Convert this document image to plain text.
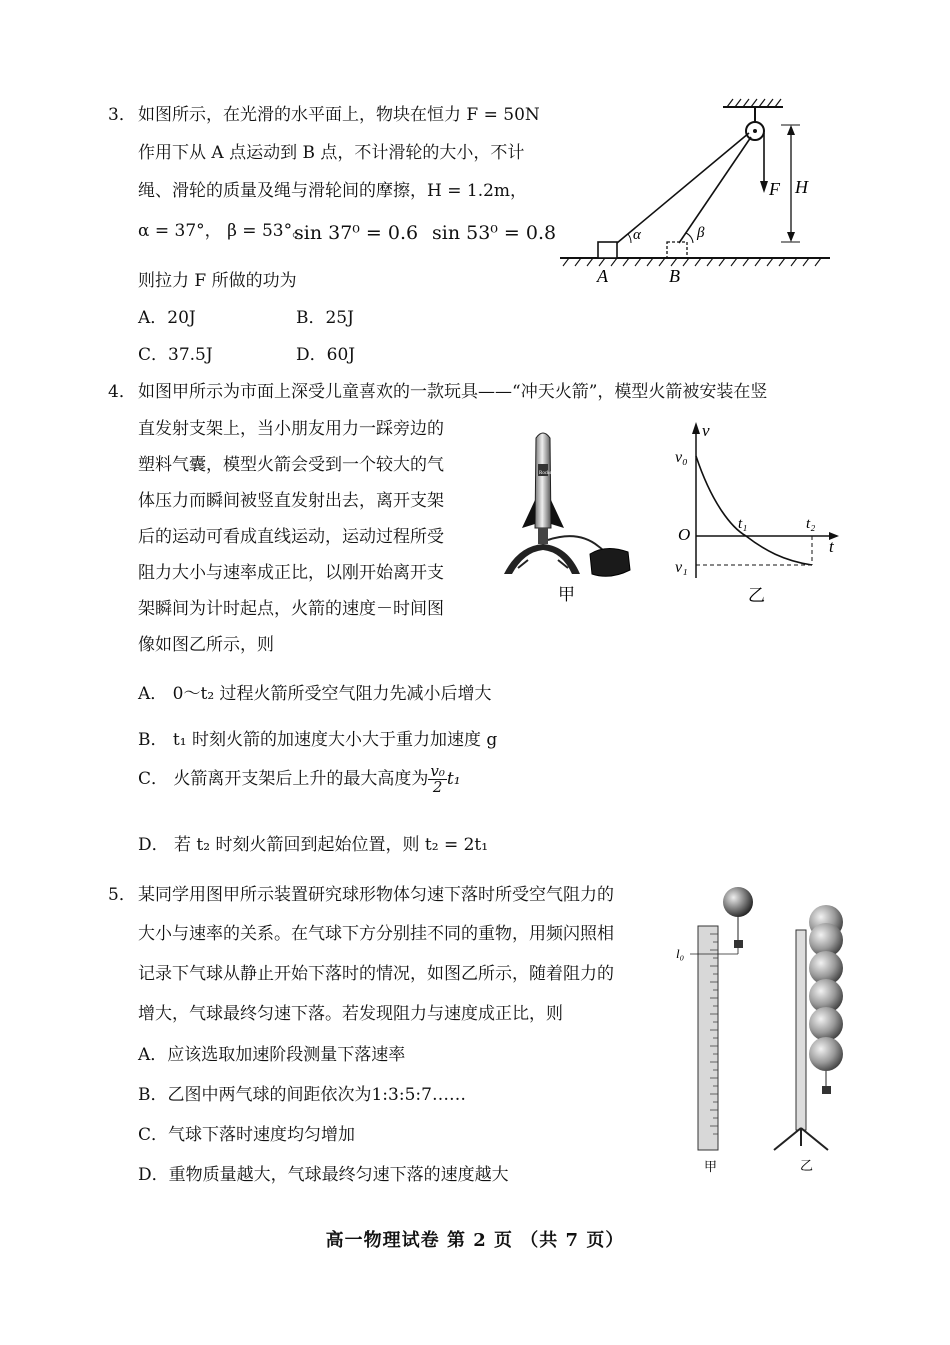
3． 如图所示，在光滑的水平面上，物块在恒力 F = 50N
作用下从 A 点运动到 B 点，不计滑轮的大小，不计
绳、滑轮的质量及绳与滑轮间的摩擦，H = 1.2m，
α = 37°， β = 53°。
sin 37⁰ = 0.6 sin 53⁰ = 0.8
则拉力 F 所做的功为
A．20J	B．25J
C．37.5J	D．60J
F H
α	β
A	B
4． 如图甲所示为市面上深受儿童喜欢的一款玩具——“冲天火箭”，模型火箭被安装在竖
直发射支架上，当小朋友用力一踩旁边的
塑料气囊，模型火箭会受到一个较大的气
体压力而瞬间被竖直发射出去，离开支架
后的运动可看成直线运动，运动过程所受
阻力大小与速率成正比，以刚开始离开支
架瞬间为计时起点，火箭的速度－时间图
像如图乙所示，则
Rocket
甲
v
t
O
v₀
v₁
t₁	t₂
乙
A． 0～t₂ 过程火箭所受空气阻力先减小后增大
B． t₁ 时刻火箭的加速度大小大于重力加速度 g
C． 火箭离开支架后上升的最大高度为 $\frac{\text{v₀}}{2} t_1$
D． 若 t₂ 时刻火箭回到起始位置，则 t₂ = 2t₁
5． 某同学用图甲所示装置研究球形物体匀速下落时所受空气阻力的
大小与速率的关系。在气球下方分别挂不同的重物，用频闪照相
记录下气球从静止开始下落时的情况，如图乙所示，随着阻力的
增大，气球最终匀速下落。若发现阻力与速度成正比，则
A．应该选取加速阶段测量下落速率
B．乙图中两气球的间距依次为1:3:5:7……
C．气球下落时速度均匀增加
D．重物质量越大，气球最终匀速下落的速度越大
l₀
甲	乙
高一物理试卷 第 2 页 （共 7 页）
